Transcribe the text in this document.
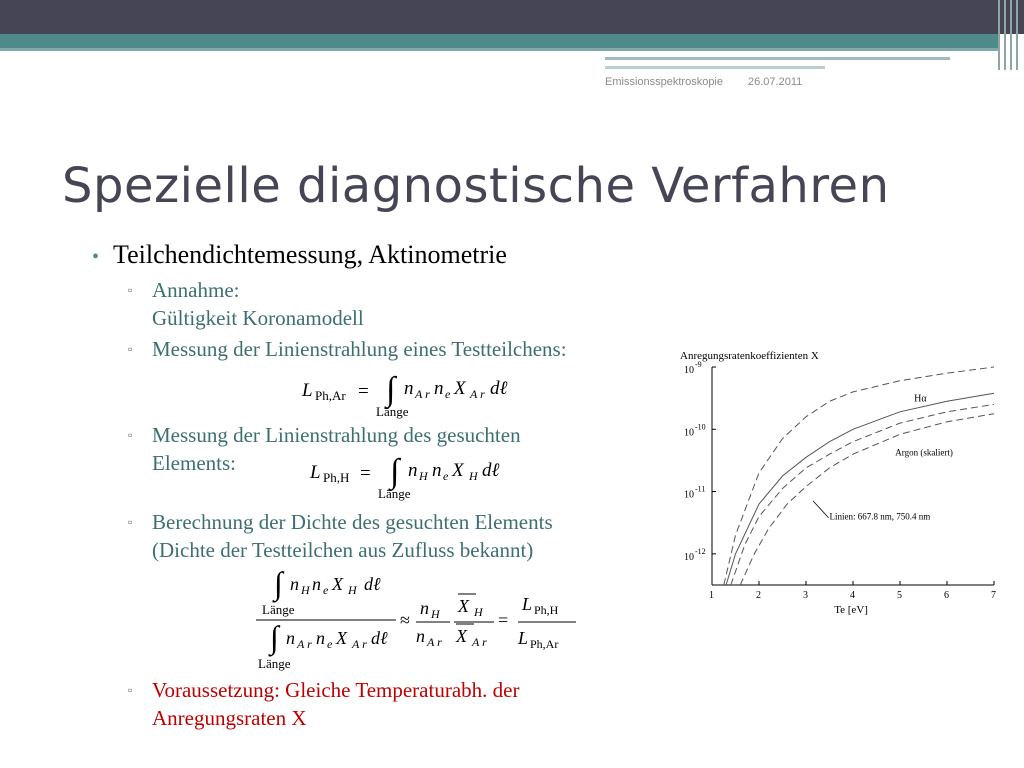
Emissionsspektroskopie 26.07.2011
Spezielle diagnostische Verfahren
• Teilchendichtemessung, Aktinometrie
▫ Annahme:
Gültigkeit Koronamodell
▫ Messung der Linienstrahlung eines Testteilchens:
▫ Messung der Linienstrahlung des gesuchten
Elements:
▫ Berechnung der Dichte des gesuchten Elements
(Dichte der Testteilchen aus Zufluss bekannt)
▫ Voraussetzung: Gleiche Temperaturabh. der
Anregungsraten X
L Ph,Ar = ∫ n A r n e X A r dℓ
Länge
L Ph,H = ∫ n H n e X H dℓ
Länge
∫ n H n e X H dℓ
Länge
∫ n A r n e X A r dℓ
Länge
≈
n H
n A r
X H
X A r
=
L Ph,H
L Ph,Ar
Anregungsratenkoeffizienten X
1	2	3	4	5	6	7
$10^{-9}$
$10^{-10}$
$10^{-11}$
$10^{-12}$
Te [eV]
Hα
Argon (skaliert)
Linien: 667.8 nm, 750.4 nm
